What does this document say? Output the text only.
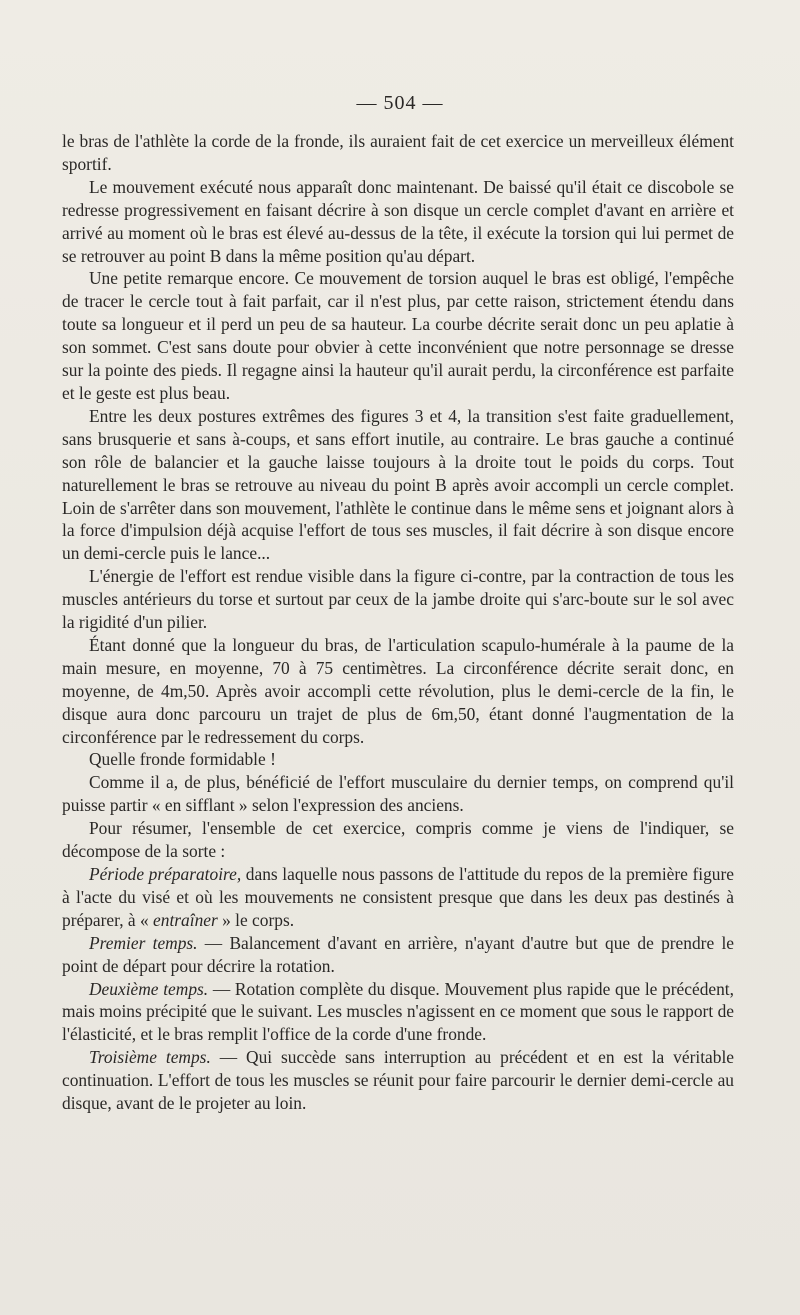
— 504 —

le bras de l'athlète la corde de la fronde, ils auraient fait de cet exercice un merveilleux élément sportif.

Le mouvement exécuté nous apparaît donc maintenant. De baissé qu'il était ce discobole se redresse progressivement en faisant décrire à son disque un cercle complet d'avant en arrière et arrivé au moment où le bras est élevé au-dessus de la tête, il exécute la torsion qui lui permet de se retrouver au point B dans la même position qu'au départ.

Une petite remarque encore. Ce mouvement de torsion auquel le bras est obligé, l'empêche de tracer le cercle tout à fait parfait, car il n'est plus, par cette raison, strictement étendu dans toute sa longueur et il perd un peu de sa hauteur. La courbe décrite serait donc un peu aplatie à son sommet. C'est sans doute pour obvier à cette inconvénient que notre personnage se dresse sur la pointe des pieds. Il regagne ainsi la hauteur qu'il aurait perdu, la circonférence est parfaite et le geste est plus beau.

Entre les deux postures extrêmes des figures 3 et 4, la transition s'est faite graduellement, sans brusquerie et sans à-coups, et sans effort inutile, au contraire. Le bras gauche a continué son rôle de balancier et la gauche laisse toujours à la droite tout le poids du corps. Tout naturellement le bras se retrouve au niveau du point B après avoir accompli un cercle complet. Loin de s'arrêter dans son mouvement, l'athlète le continue dans le même sens et joignant alors à la force d'impulsion déjà acquise l'effort de tous ses muscles, il fait décrire à son disque encore un demi-cercle puis le lance...

L'énergie de l'effort est rendue visible dans la figure ci-contre, par la contraction de tous les muscles antérieurs du torse et surtout par ceux de la jambe droite qui s'arc-boute sur le sol avec la rigidité d'un pilier.

Étant donné que la longueur du bras, de l'articulation scapulo-humérale à la paume de la main mesure, en moyenne, 70 à 75 centimètres. La circonférence décrite serait donc, en moyenne, de 4m,50. Après avoir accompli cette révolution, plus le demi-cercle de la fin, le disque aura donc parcouru un trajet de plus de 6m,50, étant donné l'augmentation de la circonférence par le redressement du corps.

Quelle fronde formidable !

Comme il a, de plus, bénéficié de l'effort musculaire du dernier temps, on comprend qu'il puisse partir « en sifflant » selon l'expression des anciens.

Pour résumer, l'ensemble de cet exercice, compris comme je viens de l'indiquer, se décompose de la sorte :

Période préparatoire, dans laquelle nous passons de l'attitude du repos de la première figure à l'acte du visé et où les mouvements ne consistent presque que dans les deux pas destinés à préparer, à « entraîner » le corps.

Premier temps. — Balancement d'avant en arrière, n'ayant d'autre but que de prendre le point de départ pour décrire la rotation.

Deuxième temps. — Rotation complète du disque. Mouvement plus rapide que le précédent, mais moins précipité que le suivant. Les muscles n'agissent en ce moment que sous le rapport de l'élasticité, et le bras remplit l'office de la corde d'une fronde.

Troisième temps. — Qui succède sans interruption au précédent et en est la véritable continuation. L'effort de tous les muscles se réunit pour faire parcourir le dernier demi-cercle au disque, avant de le projeter au loin.
